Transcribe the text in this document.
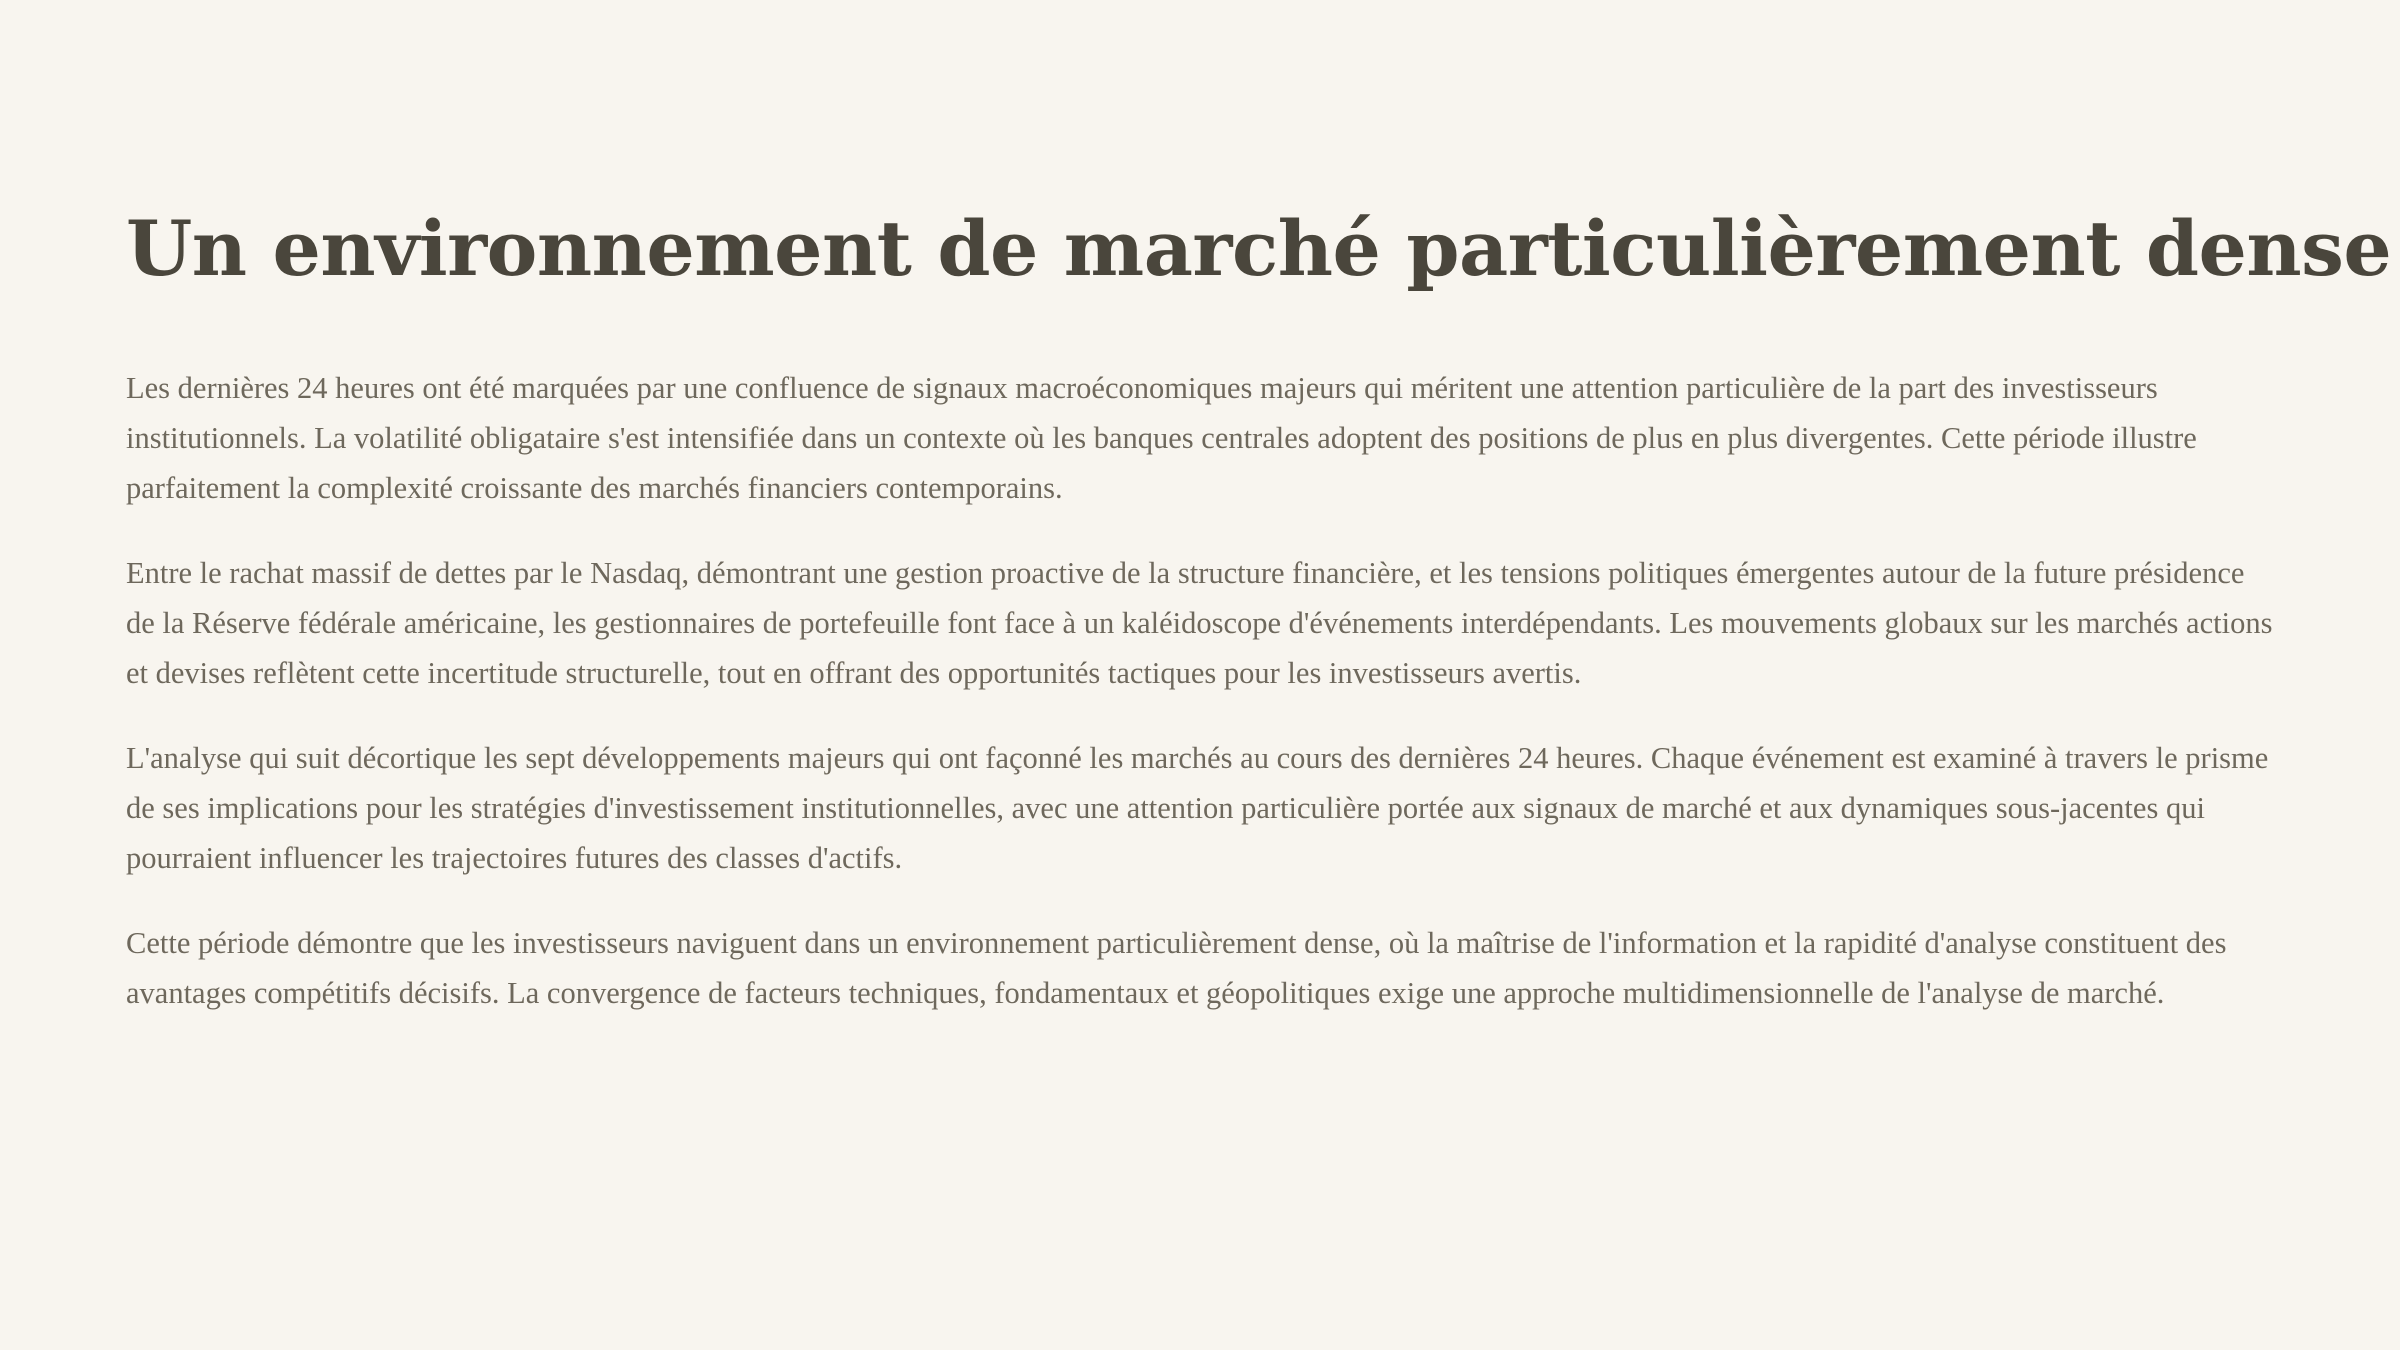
Un environnement de marché particulièrement dense

Les dernières 24 heures ont été marquées par une confluence de signaux macroéconomiques majeurs qui méritent une attention particulière de la part des investisseurs institutionnels. La volatilité obligataire s'est intensifiée dans un contexte où les banques centrales adoptent des positions de plus en plus divergentes. Cette période illustre parfaitement la complexité croissante des marchés financiers contemporains.

Entre le rachat massif de dettes par le Nasdaq, démontrant une gestion proactive de la structure financière, et les tensions politiques émergentes autour de la future présidence de la Réserve fédérale américaine, les gestionnaires de portefeuille font face à un kaléidoscope d'événements interdépendants. Les mouvements globaux sur les marchés actions et devises reflètent cette incertitude structurelle, tout en offrant des opportunités tactiques pour les investisseurs avertis.

L'analyse qui suit décortique les sept développements majeurs qui ont façonné les marchés au cours des dernières 24 heures. Chaque événement est examiné à travers le prisme de ses implications pour les stratégies d'investissement institutionnelles, avec une attention particulière portée aux signaux de marché et aux dynamiques sous-jacentes qui pourraient influencer les trajectoires futures des classes d'actifs.

Cette période démontre que les investisseurs naviguent dans un environnement particulièrement dense, où la maîtrise de l'information et la rapidité d'analyse constituent des avantages compétitifs décisifs. La convergence de facteurs techniques, fondamentaux et géopolitiques exige une approche multidimensionnelle de l'analyse de marché.
